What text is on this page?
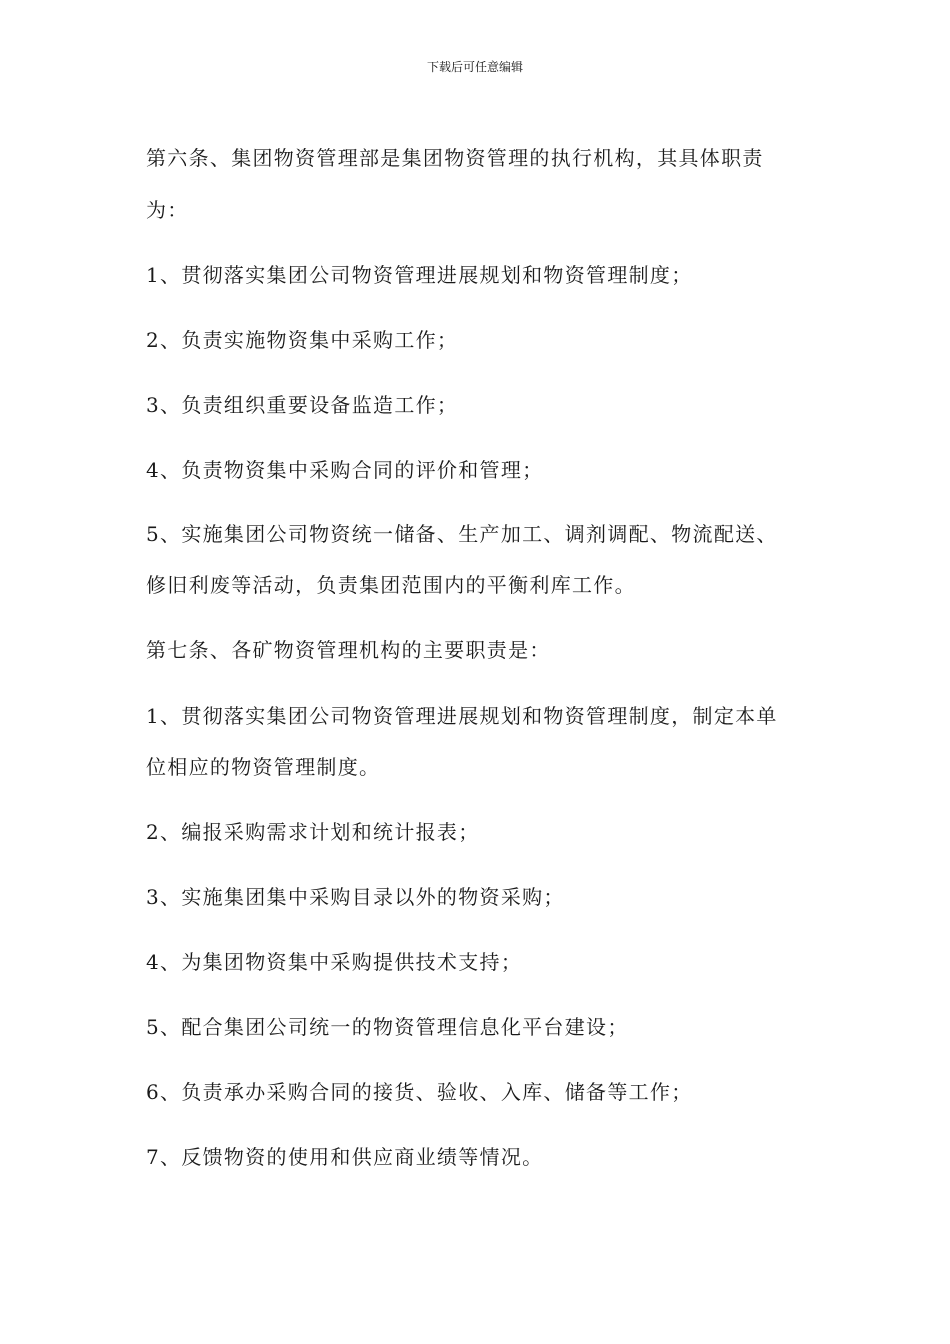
下载后可任意编辑
第六条、集团物资管理部是集团物资管理的执行机构，其具体职责
为：
1、贯彻落实集团公司物资管理进展规划和物资管理制度；
2、负责实施物资集中采购工作；
3、负责组织重要设备监造工作；
4、负责物资集中采购合同的评价和管理；
5、实施集团公司物资统一储备、生产加工、调剂调配、物流配送、
修旧利废等活动，负责集团范围内的平衡利库工作。
第七条、各矿物资管理机构的主要职责是：
1、贯彻落实集团公司物资管理进展规划和物资管理制度，制定本单
位相应的物资管理制度。
2、编报采购需求计划和统计报表；
3、实施集团集中采购目录以外的物资采购；
4、为集团物资集中采购提供技术支持；
5、配合集团公司统一的物资管理信息化平台建设；
6、负责承办采购合同的接货、验收、入库、储备等工作；
7、反馈物资的使用和供应商业绩等情况。
